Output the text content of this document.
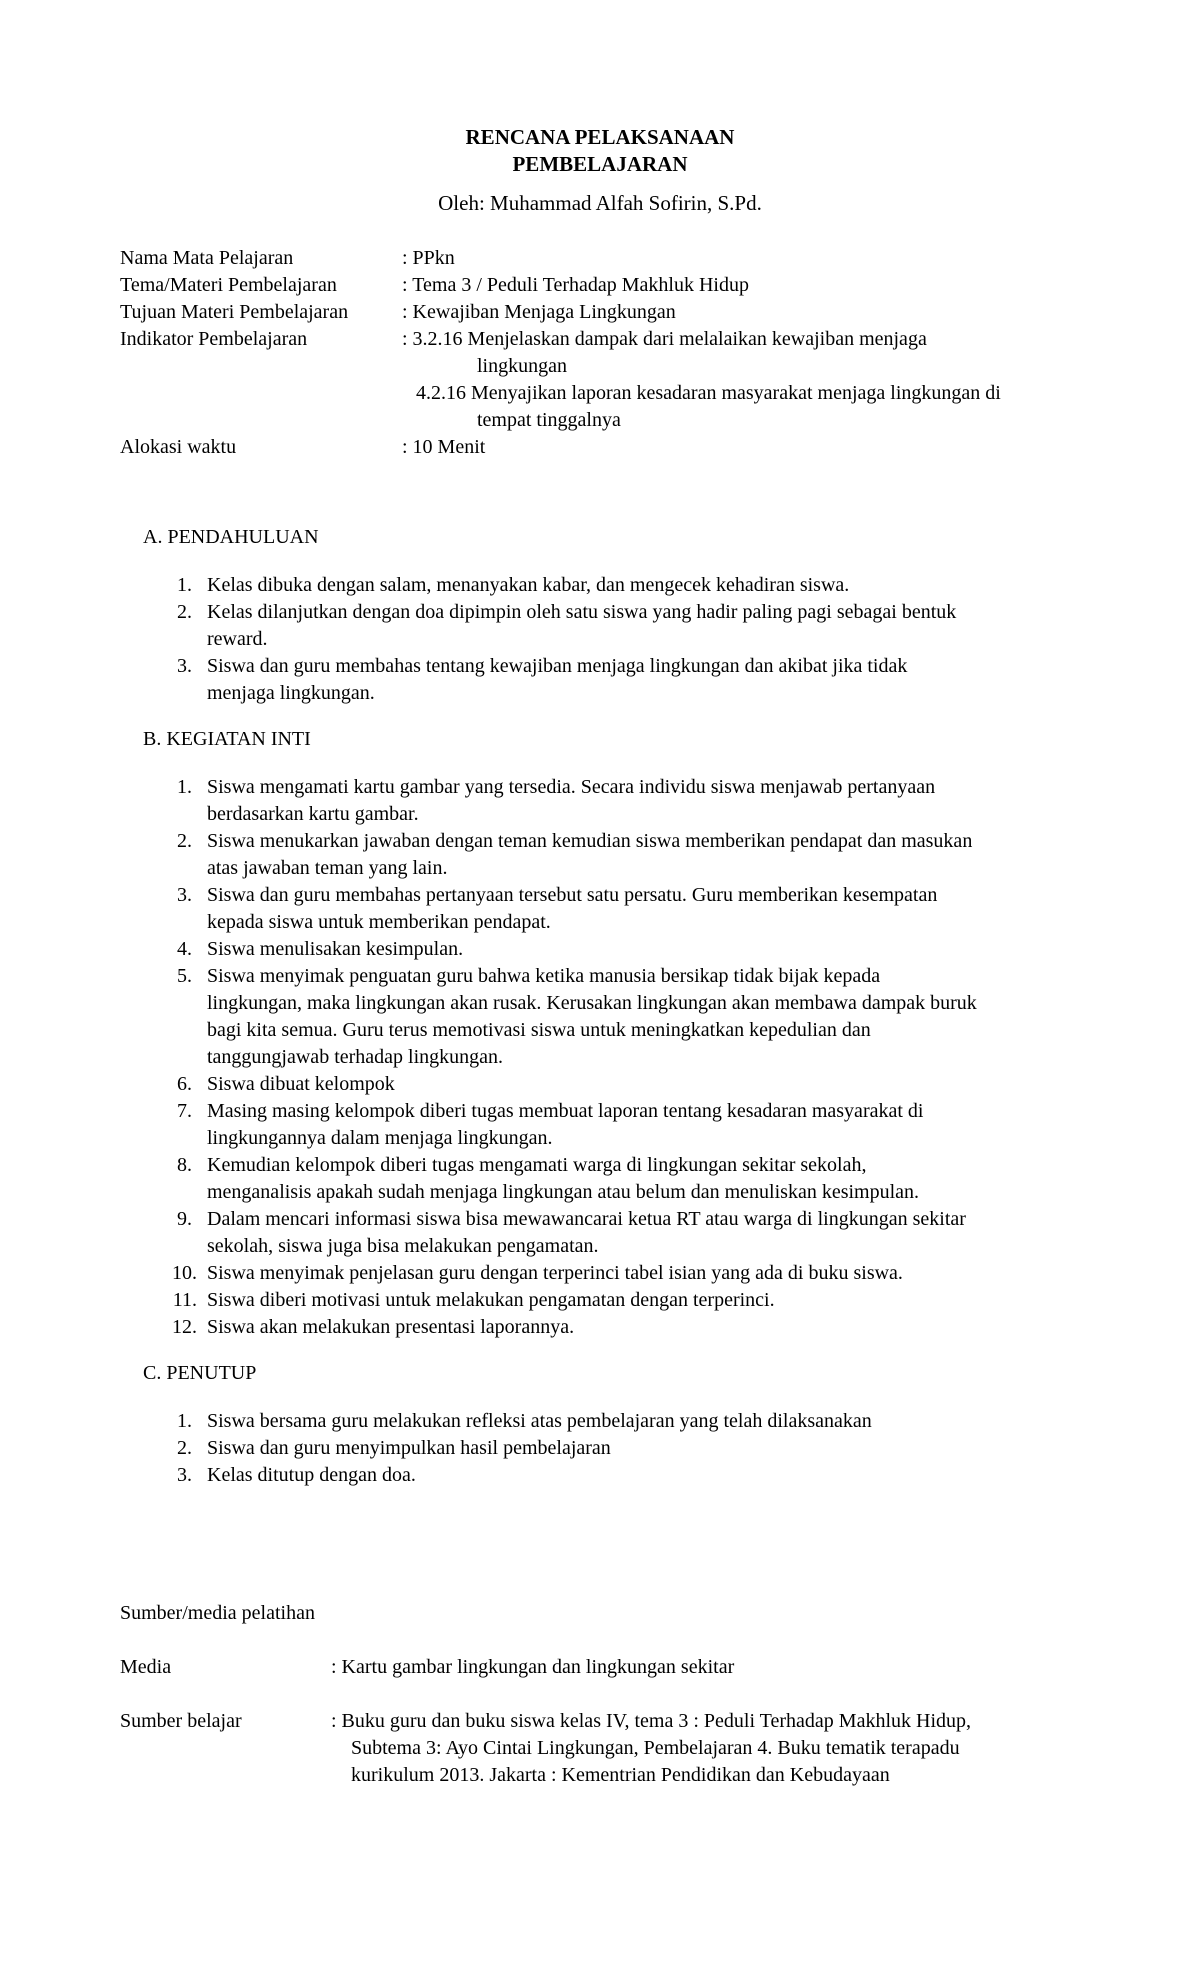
RENCANA PELAKSANAAN
PEMBELAJARAN
Oleh: Muhammad Alfah Sofirin, S.Pd.
Nama Mata Pelajaran	: PPkn
Tema/Materi Pembelajaran	: Tema 3 / Peduli Terhadap Makhluk Hidup
Tujuan Materi Pembelajaran	: Kewajiban Menjaga Lingkungan
Indikator Pembelajaran	: 3.2.16 Menjelaskan dampak dari melalaikan kewajiban menjaga
lingkungan
4.2.16 Menyajikan laporan kesadaran masyarakat menjaga lingkungan di
tempat tinggalnya
Alokasi waktu	: 10 Menit
A. PENDAHULUAN
1. Kelas dibuka dengan salam, menanyakan kabar, dan mengecek kehadiran siswa.
2. Kelas dilanjutkan dengan doa dipimpin oleh satu siswa yang hadir paling pagi sebagai bentuk
reward.
3. Siswa dan guru membahas tentang kewajiban menjaga lingkungan dan akibat jika tidak
menjaga lingkungan.
B. KEGIATAN INTI
1. Siswa mengamati kartu gambar yang tersedia. Secara individu siswa menjawab pertanyaan
berdasarkan kartu gambar.
2. Siswa menukarkan jawaban dengan teman kemudian siswa memberikan pendapat dan masukan
atas jawaban teman yang lain.
3. Siswa dan guru membahas pertanyaan tersebut satu persatu. Guru memberikan kesempatan
kepada siswa untuk memberikan pendapat.
4. Siswa menulisakan kesimpulan.
5. Siswa menyimak penguatan guru bahwa ketika manusia bersikap tidak bijak kepada
lingkungan, maka lingkungan akan rusak. Kerusakan lingkungan akan membawa dampak buruk
bagi kita semua. Guru terus memotivasi siswa untuk meningkatkan kepedulian dan
tanggungjawab terhadap lingkungan.
6. Siswa dibuat kelompok
7. Masing masing kelompok diberi tugas membuat laporan tentang kesadaran masyarakat di
lingkungannya dalam menjaga lingkungan.
8. Kemudian kelompok diberi tugas mengamati warga di lingkungan sekitar sekolah,
menganalisis apakah sudah menjaga lingkungan atau belum dan menuliskan kesimpulan.
9. Dalam mencari informasi siswa bisa mewawancarai ketua RT atau warga di lingkungan sekitar
sekolah, siswa juga bisa melakukan pengamatan.
10. Siswa menyimak penjelasan guru dengan terperinci tabel isian yang ada di buku siswa.
11. Siswa diberi motivasi untuk melakukan pengamatan dengan terperinci.
12. Siswa akan melakukan presentasi laporannya.
C. PENUTUP
1. Siswa bersama guru melakukan refleksi atas pembelajaran yang telah dilaksanakan
2. Siswa dan guru menyimpulkan hasil pembelajaran
3. Kelas ditutup dengan doa.
Sumber/media pelatihan
Media	: Kartu gambar lingkungan dan lingkungan sekitar
Sumber belajar	: Buku guru dan buku siswa kelas IV, tema 3 : Peduli Terhadap Makhluk Hidup,
Subtema 3: Ayo Cintai Lingkungan, Pembelajaran 4. Buku tematik terapadu
kurikulum 2013. Jakarta : Kementrian Pendidikan dan Kebudayaan
